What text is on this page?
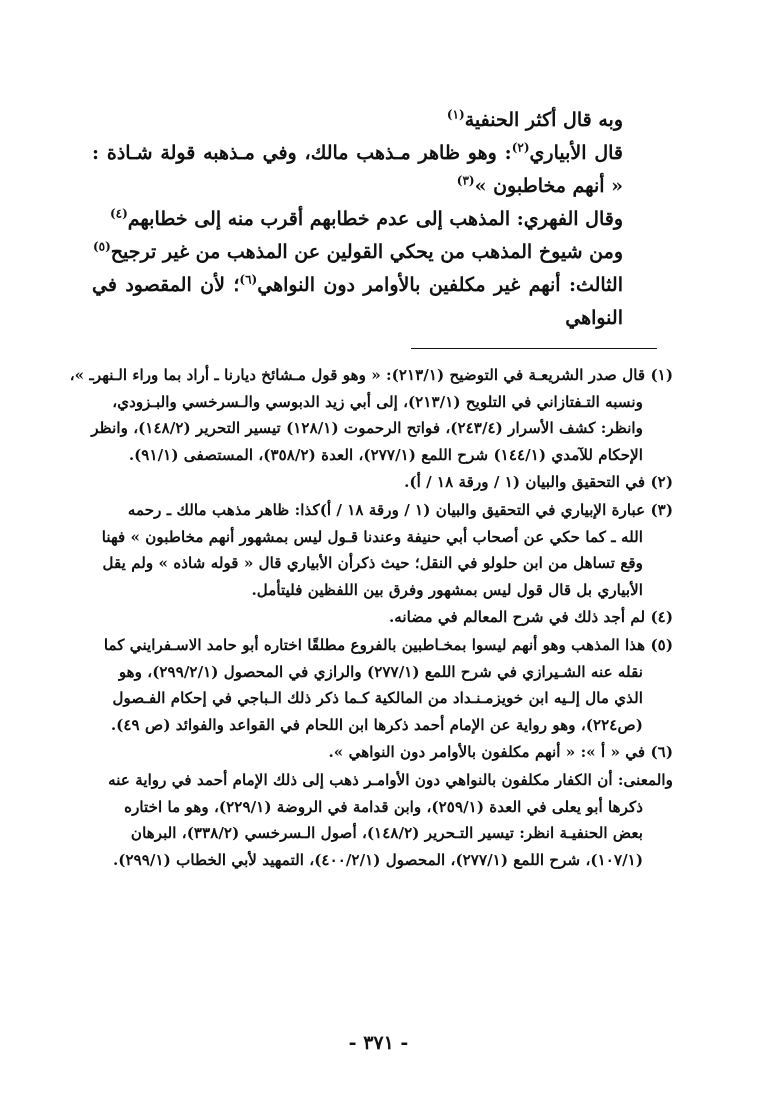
وبه قال أكثر الحنفية$^{(١)}$

قال الأبياري$^{(٢)}$: وهو ظاهر مـذهب مالك، وفي مـذهبه قولة شـاذة : « أنهم مخاطبون »$^{(٣)}$

وقال الفهري: المذهب إلى عدم خطابهم أقرب منه إلى خطابهم$^{(٤)}$

ومن شيوخ المذهب من يحكي القولين عن المذهب من غير ترجيح$^{(٥)}$

الثالث: أنهم غير مكلفين بالأوامر دون النواهي$^{(٦)}$؛ لأن المقصود في النواهي

(١) قال صدر الشريعـة في التوضيح (٢١٣/١): « وهو قول مـشائخ ديارنا ـ أراد بما وراء الـنهرـ »،
ونسبه التـفتازاني في التلويح (٢١٣/١)، إلى أبي زيد الدبوسي والـسرخسي والبـزودي،
وانظر: كشف الأسرار (٢٤٣/٤)، فواتح الرحموت (١٢٨/١) تيسير التحرير (١٤٨/٢)، وانظر
الإحكام للآمدي (١٤٤/١) شرح اللمع (٢٧٧/١)، العدة (٣٥٨/٢)، المستصفى (٩١/١).

(٢) في التحقيق والبيان (١ / ورقة ١٨ / أ).

(٣) عبارة الإبياري في التحقيق والبيان (١ / ورقة ١٨ / أ)كذا: ظاهر مذهب مالك ـ رحمه
الله ـ كما حكي عن أصحاب أبي حنيفة وعندنا قـول ليس بمشهور أنهم مخاطبون » فهنا
وقع تساهل من ابن حلولو في النقل؛ حيث ذكرأن الأبياري قال « قوله شاذه » ولم يقل
الأبياري بل قال قول ليس بمشهور وفرق بين اللفظين فليتأمل.

(٤) لم أجد ذلك في شرح المعالم في مضانه.

(٥) هذا المذهب وهو أنهم ليسوا بمخـاطبين بالفروع مطلقًا اختاره أبو حامد الاسـفرايني كما
نقله عنه الشـيرازي في شرح اللمع (٢٧٧/١) والرازي في المحصول (٢٩٩/٢/١)، وهو
الذي مال إلـيه ابن خويزمـنـداد من المالكية كـما ذكر ذلك الـباجي في إحكام الفـصول
(ص٢٢٤)، وهو رواية عن الإمام أحمد ذكرها ابن اللحام في القواعد والفوائد (ص ٤٩).

(٦) في « أ »: « أنهم مكلفون بالأوامر دون النواهي ».

والمعنى: أن الكفار مكلفون بالنواهي دون الأوامـر ذهب إلى ذلك الإمام أحمد في رواية عنه
ذكرها أبو يعلى في العدة (٢٥٩/١)، وابن قدامة في الروضة (٢٢٩/١)، وهو ما اختاره
بعض الحنفيـة انظر: تيسير التـحرير (١٤٨/٢)، أصول الـسرخسي (٣٣٨/٢)، البرهان
(١٠٧/١)، شرح اللمع (٢٧٧/١)، المحصول (٤٠٠/٢/١)، التمهيد لأبي الخطاب (٢٩٩/١).

- ٣٧١ -
